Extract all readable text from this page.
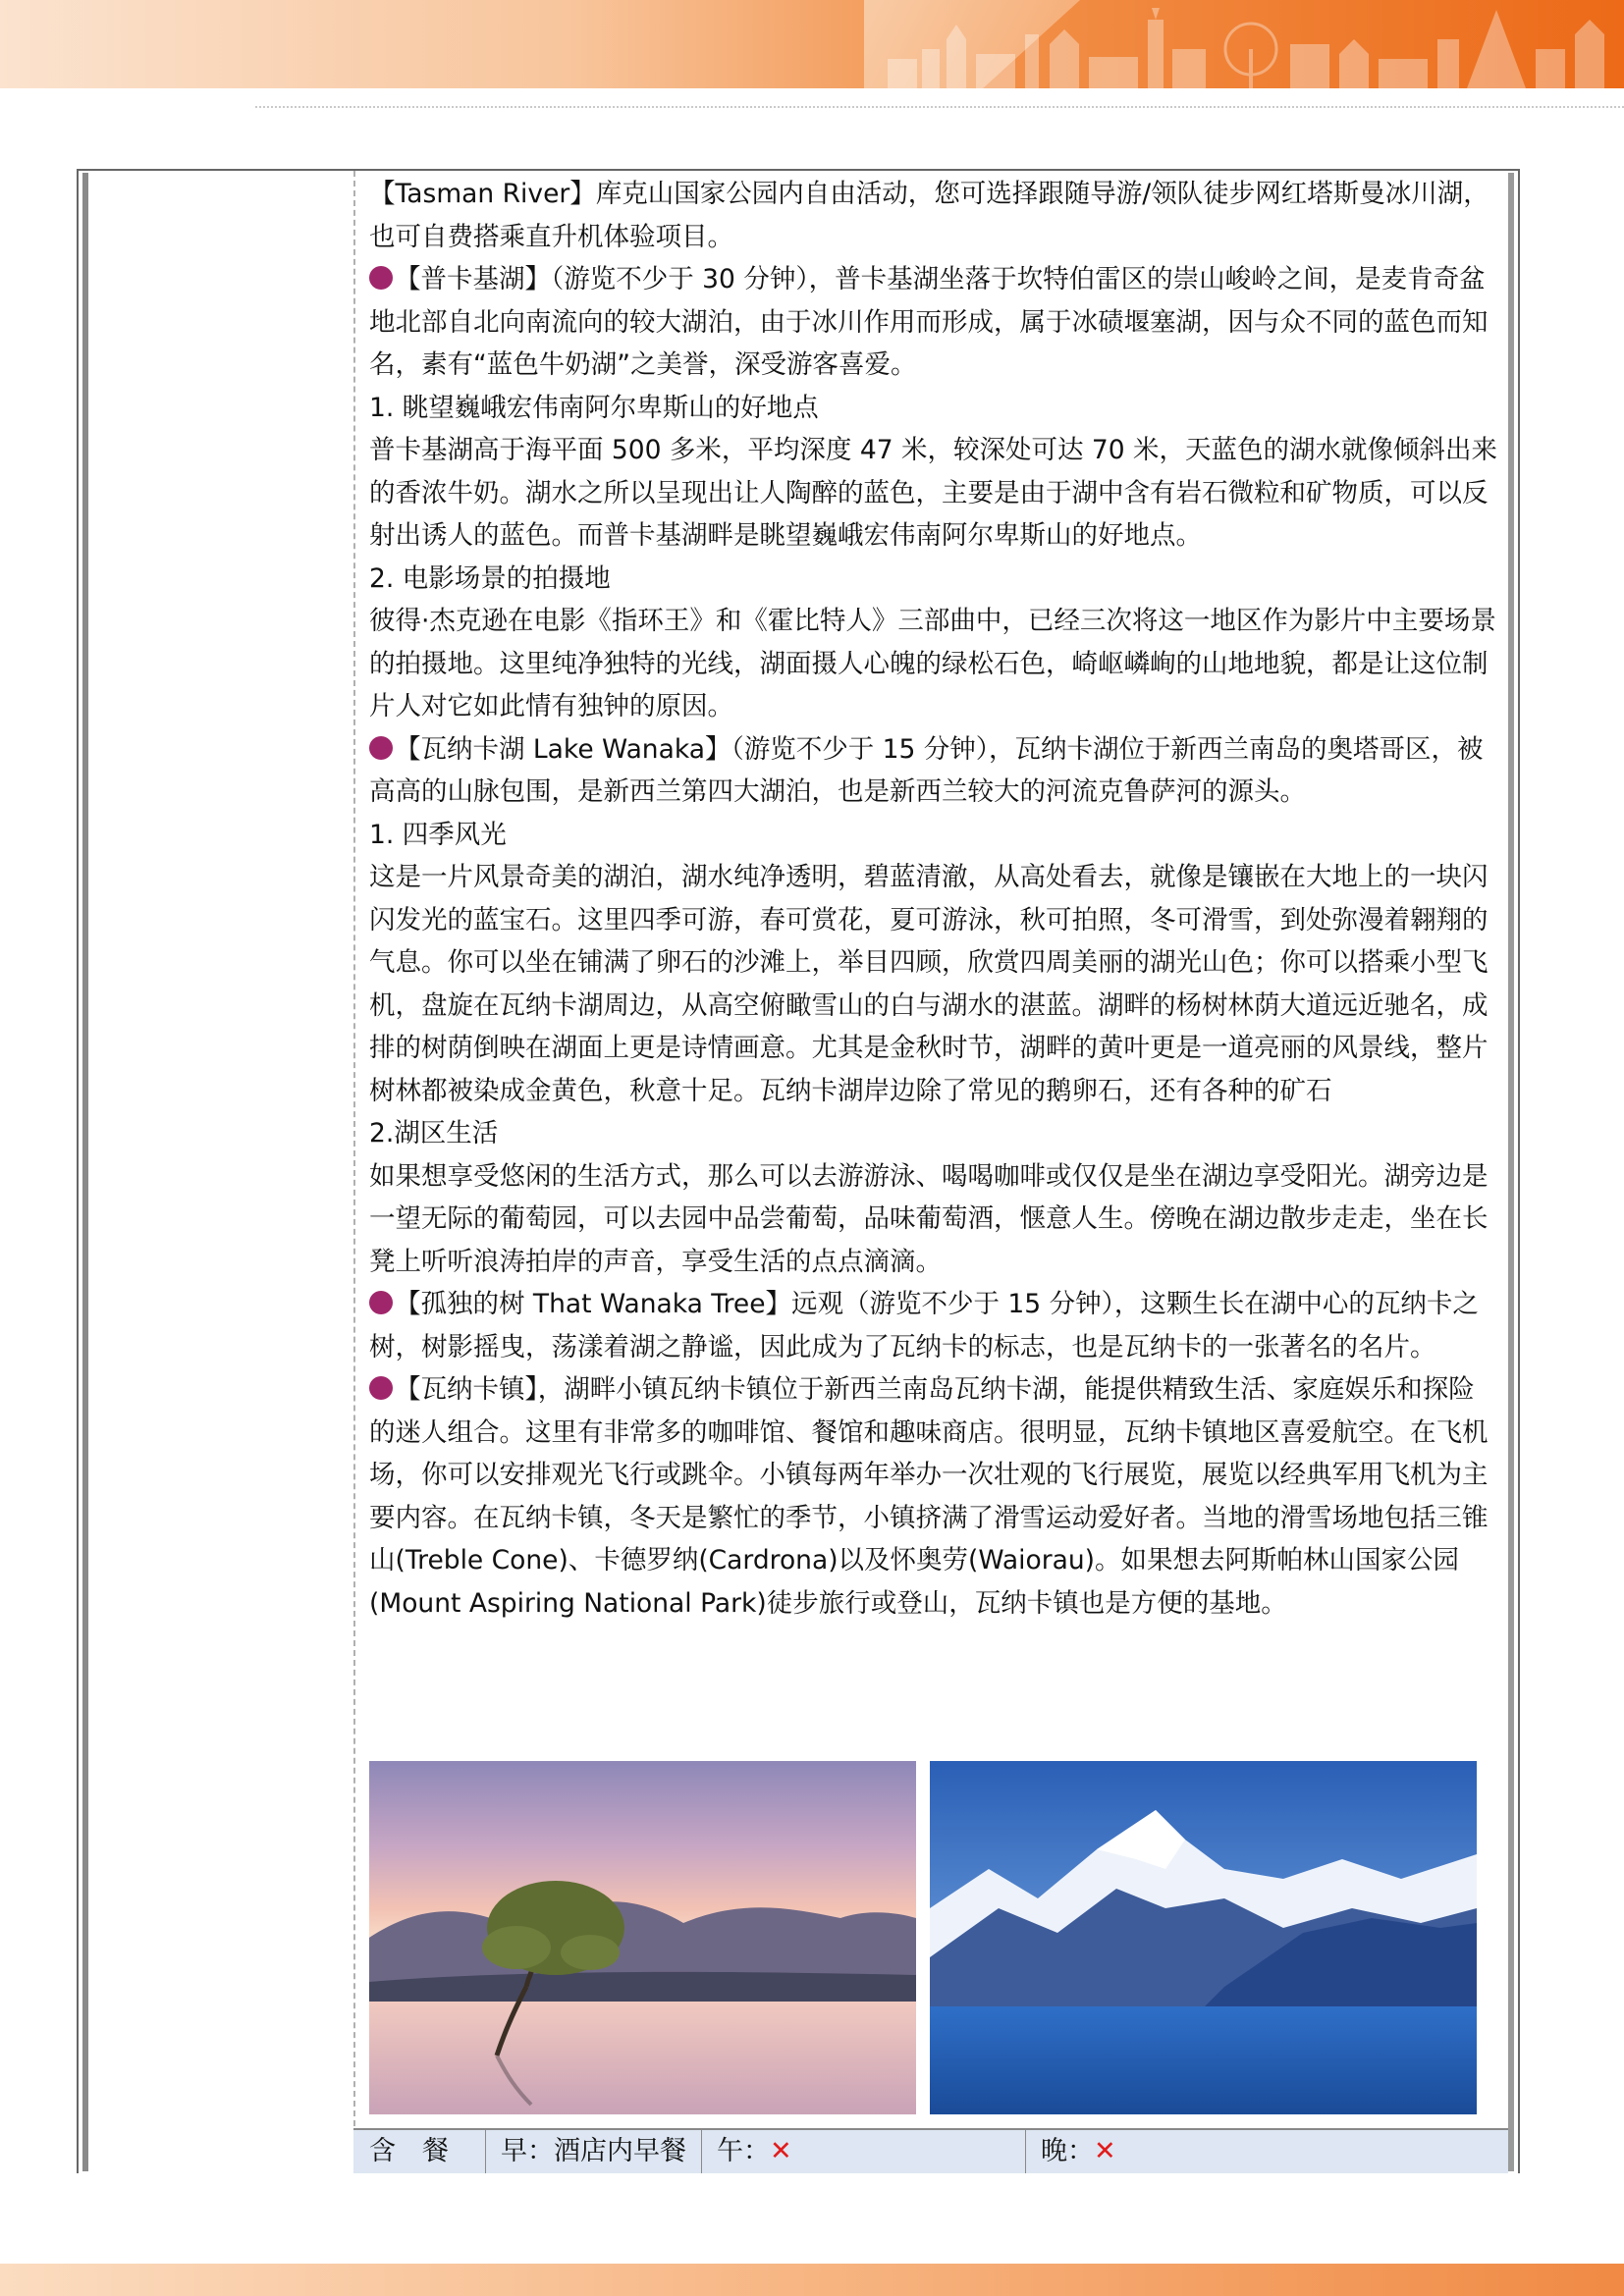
【Tasman River】库克山国家公园内自由活动，您可选择跟随导游/领队徒步网红塔斯曼冰川湖，也可自费搭乘直升机体验项目。

【普卡基湖】（游览不少于 30 分钟），普卡基湖坐落于坎特伯雷区的崇山峻岭之间，是麦肯奇盆地北部自北向南流向的较大湖泊，由于冰川作用而形成，属于冰碛堰塞湖，因与众不同的蓝色而知名，素有“蓝色牛奶湖”之美誉，深受游客喜爱。

1. 眺望巍峨宏伟南阿尔卑斯山的好地点

普卡基湖高于海平面 500 多米，平均深度 47 米，较深处可达 70 米，天蓝色的湖水就像倾斜出来的香浓牛奶。湖水之所以呈现出让人陶醉的蓝色，主要是由于湖中含有岩石微粒和矿物质，可以反射出诱人的蓝色。而普卡基湖畔是眺望巍峨宏伟南阿尔卑斯山的好地点。

2. 电影场景的拍摄地

彼得·杰克逊在电影《指环王》和《霍比特人》三部曲中，已经三次将这一地区作为影片中主要场景的拍摄地。这里纯净独特的光线，湖面摄人心魄的绿松石色，崎岖嶙峋的山地地貌，都是让这位制片人对它如此情有独钟的原因。

【瓦纳卡湖 Lake Wanaka】（游览不少于 15 分钟），瓦纳卡湖位于新西兰南岛的奥塔哥区，被高高的山脉包围，是新西兰第四大湖泊，也是新西兰较大的河流克鲁萨河的源头。

1. 四季风光

这是一片风景奇美的湖泊，湖水纯净透明，碧蓝清澈，从高处看去，就像是镶嵌在大地上的一块闪闪发光的蓝宝石。这里四季可游，春可赏花，夏可游泳，秋可拍照，冬可滑雪，到处弥漫着翱翔的气息。你可以坐在铺满了卵石的沙滩上，举目四顾，欣赏四周美丽的湖光山色；你可以搭乘小型飞机，盘旋在瓦纳卡湖周边，从高空俯瞰雪山的白与湖水的湛蓝。湖畔的杨树林荫大道远近驰名，成排的树荫倒映在湖面上更是诗情画意。尤其是金秋时节，湖畔的黄叶更是一道亮丽的风景线，整片树林都被染成金黄色，秋意十足。瓦纳卡湖岸边除了常见的鹅卵石，还有各种的矿石

2.湖区生活

如果想享受悠闲的生活方式，那么可以去游游泳、喝喝咖啡或仅仅是坐在湖边享受阳光。湖旁边是一望无际的葡萄园，可以去园中品尝葡萄，品味葡萄酒，惬意人生。傍晚在湖边散步走走，坐在长凳上听听浪涛拍岸的声音，享受生活的点点滴滴。

【孤独的树 That Wanaka Tree】远观（游览不少于 15 分钟），这颗生长在湖中心的瓦纳卡之树，树影摇曳，荡漾着湖之静谧，因此成为了瓦纳卡的标志，也是瓦纳卡的一张著名的名片。

【瓦纳卡镇】，湖畔小镇瓦纳卡镇位于新西兰南岛瓦纳卡湖，能提供精致生活、家庭娱乐和探险的迷人组合。这里有非常多的咖啡馆、餐馆和趣味商店。很明显，瓦纳卡镇地区喜爱航空。在飞机场，你可以安排观光飞行或跳伞。小镇每两年举办一次壮观的飞行展览，展览以经典军用飞机为主要内容。在瓦纳卡镇，冬天是繁忙的季节，小镇挤满了滑雪运动爱好者。当地的滑雪场地包括三锥山(Treble Cone)、卡德罗纳(Cardrona)以及怀奥劳(Waiorau)。如果想去阿斯帕林山国家公园(Mount Aspiring National Park)徒步旅行或登山，瓦纳卡镇也是方便的基地。

含　餐	早：酒店内早餐	午：✕	晚：✕
